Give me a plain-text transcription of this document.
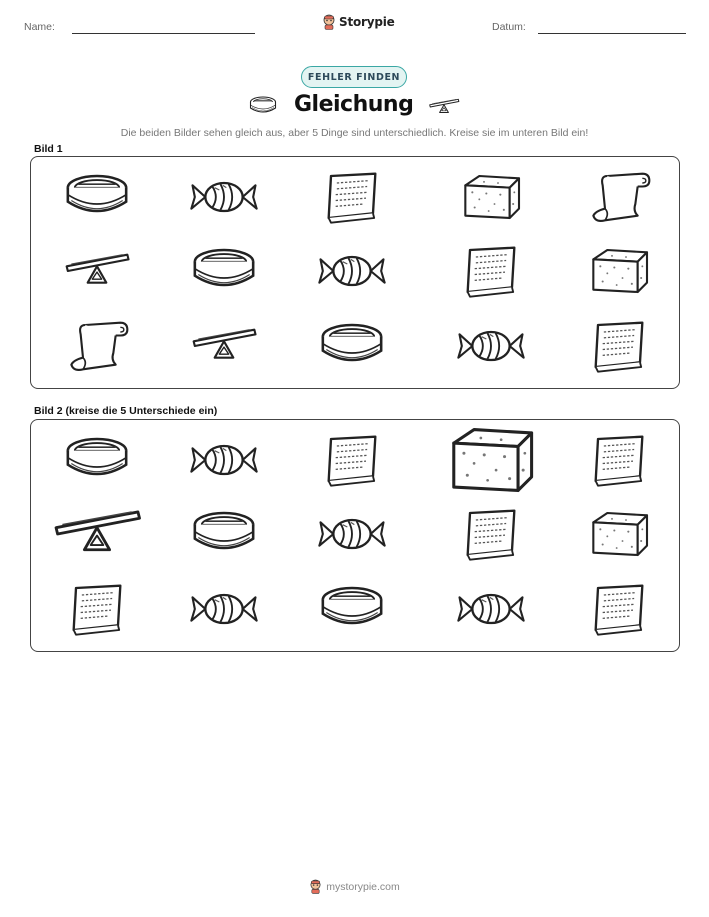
Name:	Storypie	Datum:
FEHLER FINDEN
Gleichung
Die beiden Bilder sehen gleich aus, aber 5 Dinge sind unterschiedlich. Kreise sie im unteren Bild ein!
Bild 1
Bild 2 (kreise die 5 Unterschiede ein)
mystorypie.com
